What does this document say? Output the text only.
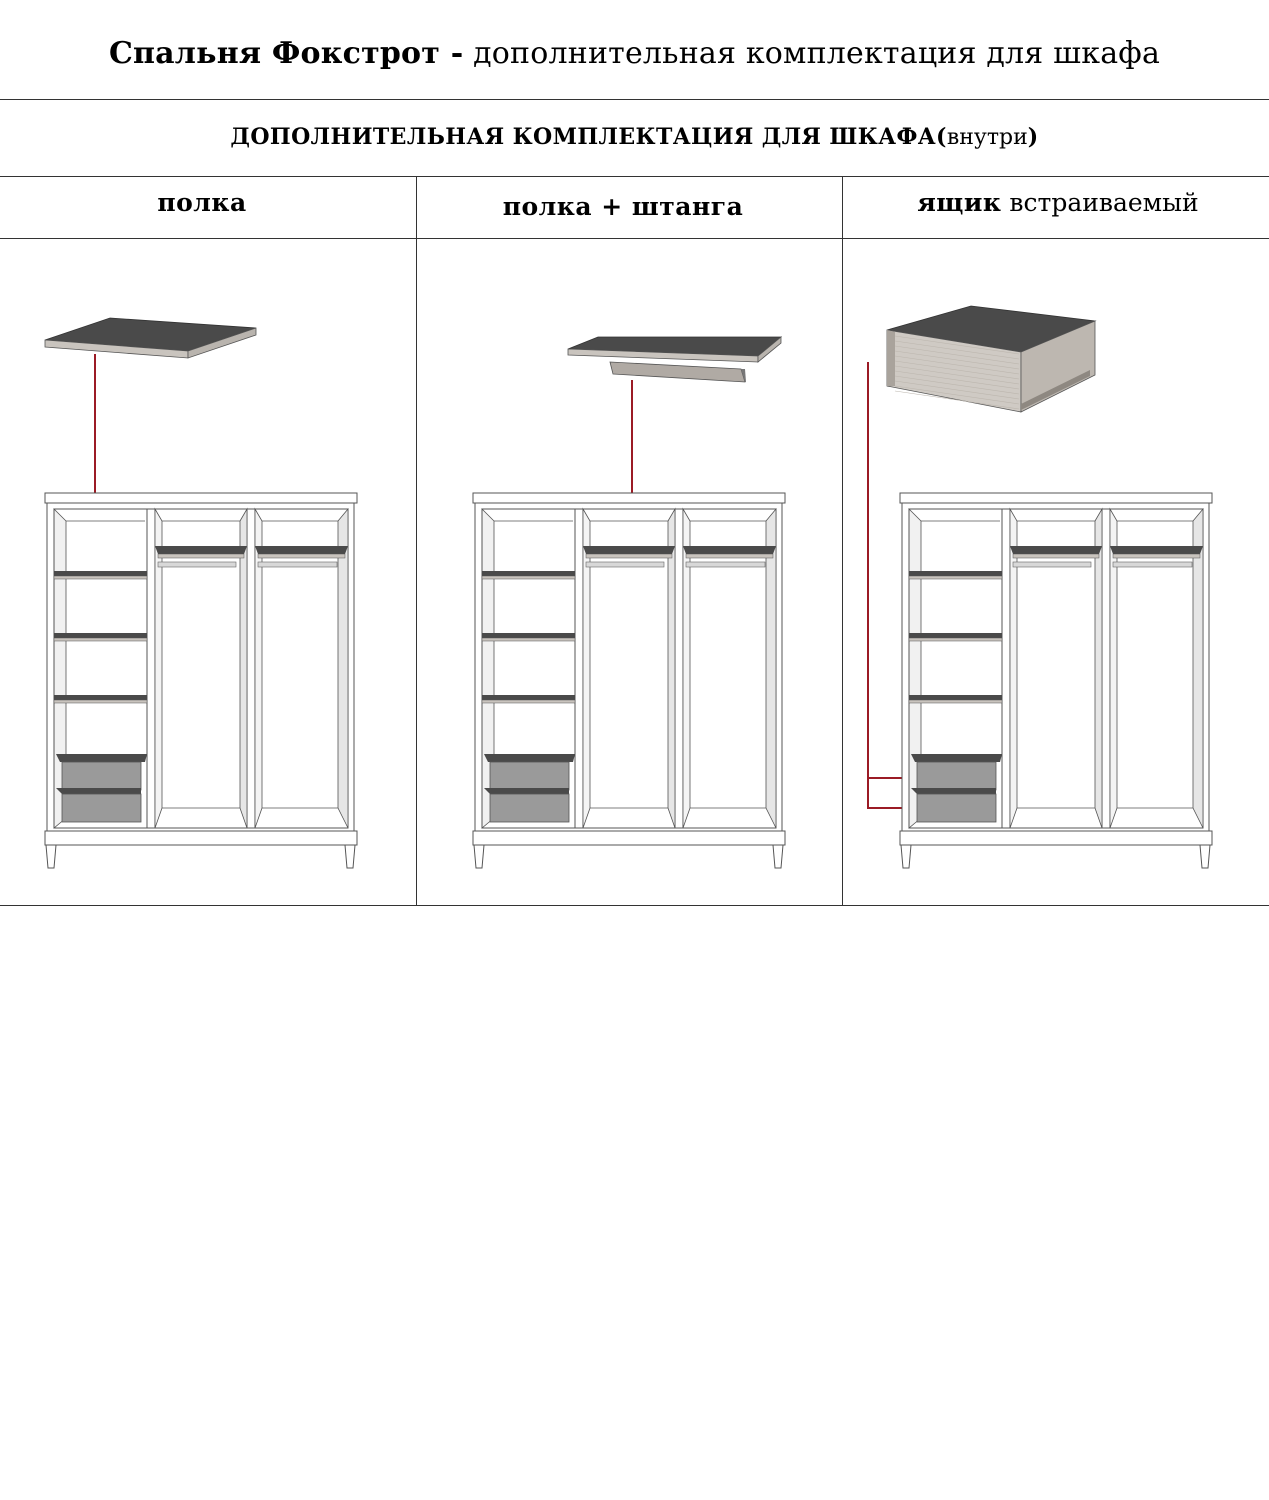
Спальня Фокстрот - дополнительная комплектация для шкафа
ДОПОЛНИТЕЛЬНАЯ КОМПЛЕКТАЦИЯ ДЛЯ ШКАФА(внутри)
полка	полка + штанга	ящик встраиваемый
